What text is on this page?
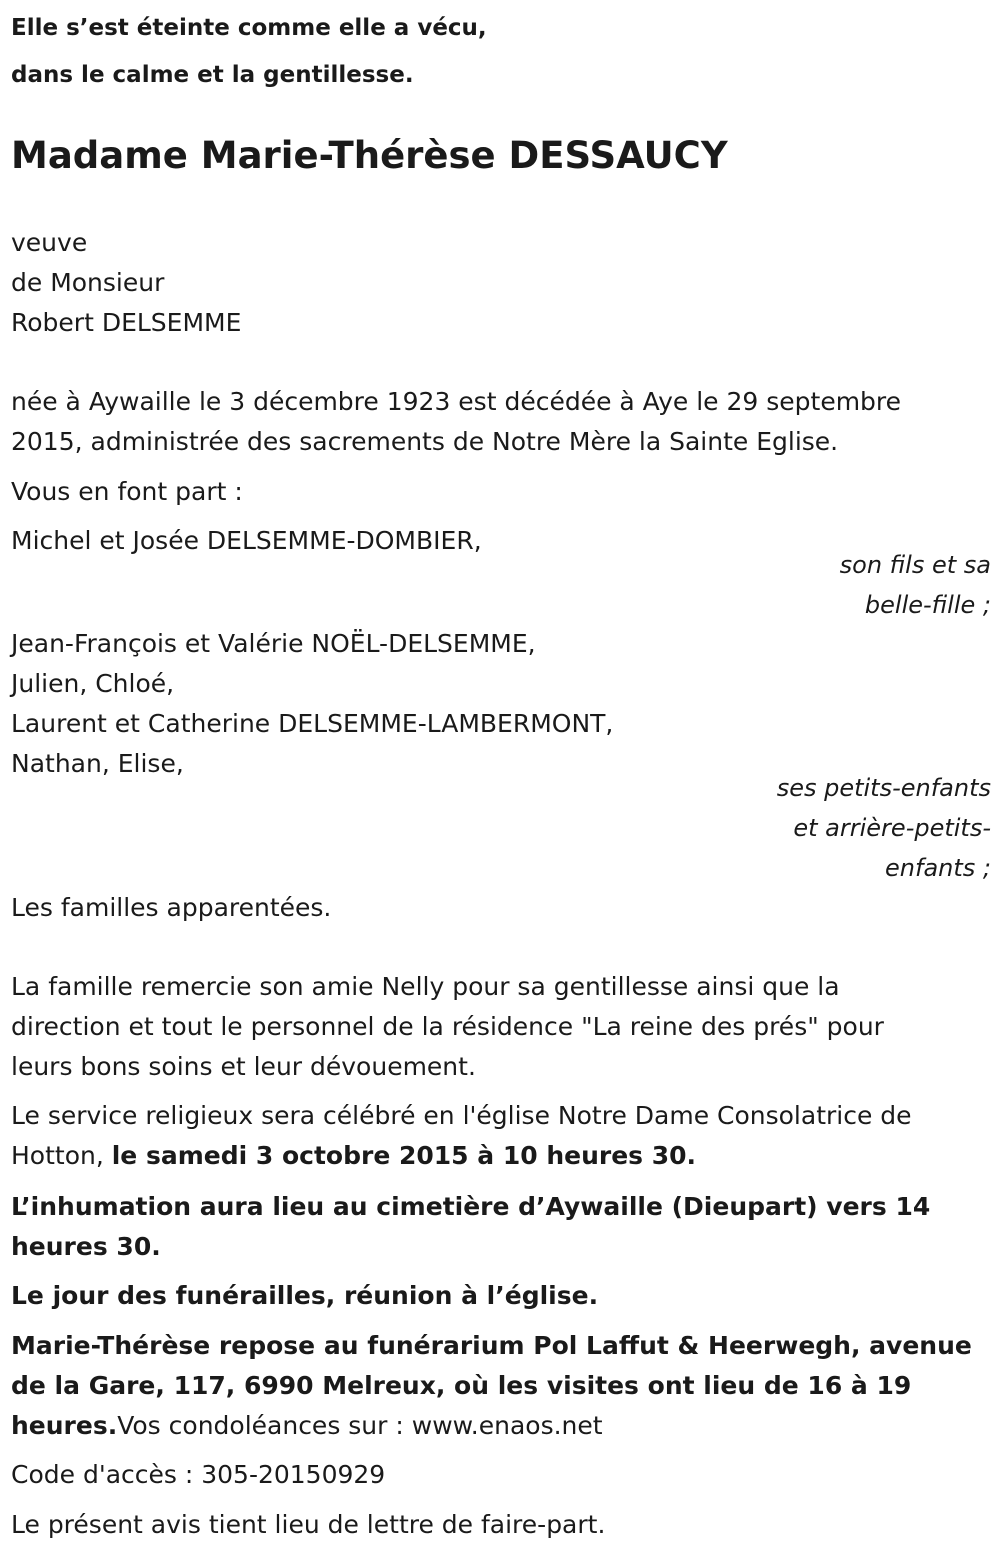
Elle s’est éteinte comme elle a vécu,
dans le calme et la gentillesse.
Madame Marie-Thérèse DESSAUCY
veuve
de Monsieur
Robert DELSEMME
née à Aywaille le 3 décembre 1923 est décédée à Aye le 29 septembre
2015, administrée des sacrements de Notre Mère la Sainte Eglise.
Vous en font part :
Michel et Josée DELSEMME-DOMBIER,
son fils et sa
belle-fille ;
Jean-François et Valérie NOËL-DELSEMME,
Julien, Chloé,
Laurent et Catherine DELSEMME-LAMBERMONT,
Nathan, Elise,
ses petits-enfants
et arrière-petits-
enfants ;
Les familles apparentées.
La famille remercie son amie Nelly pour sa gentillesse ainsi que la
direction et tout le personnel de la résidence "La reine des prés" pour
leurs bons soins et leur dévouement.
Le service religieux sera célébré en l'église Notre Dame Consolatrice de
Hotton, le samedi 3 octobre 2015 à 10 heures 30.
L’inhumation aura lieu au cimetière d’Aywaille (Dieupart) vers 14
heures 30.
Le jour des funérailles, réunion à l’église.
Marie-Thérèse repose au funérarium Pol Laffut & Heerwegh, avenue
de la Gare, 117, 6990 Melreux, où les visites ont lieu de 16 à 19
heures.Vos condoléances sur : www.enaos.net
Code d'accès : 305-20150929
Le présent avis tient lieu de lettre de faire-part.
